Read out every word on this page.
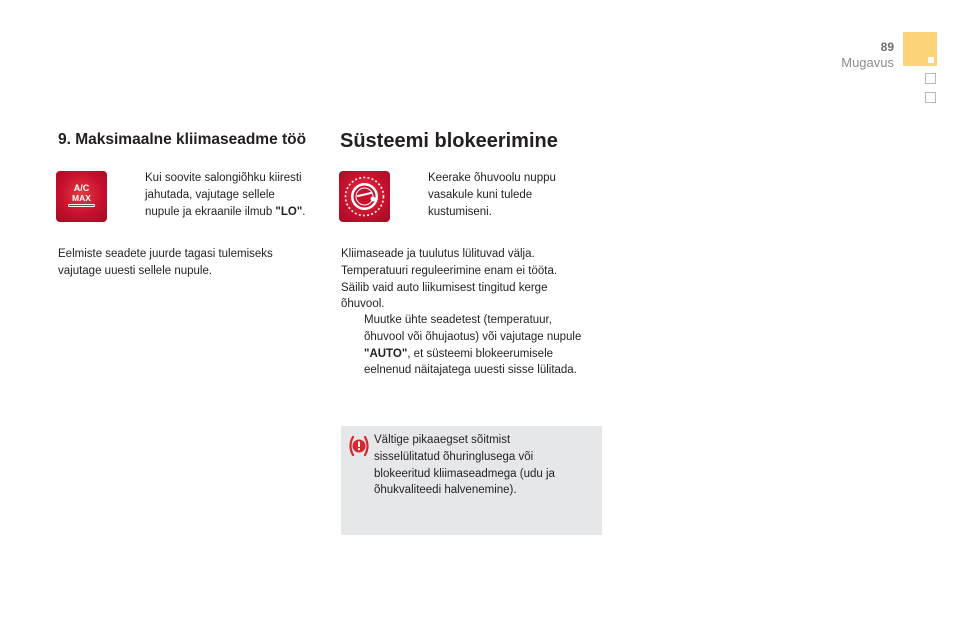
89
Mugavus
9. Maksimaalne kliimaseadme töö
A/C
MAX
Kui soovite salongiõhku kiiresti
jahutada, vajutage sellele
nupule ja ekraanile ilmub "LO".
Eelmiste seadete juurde tagasi tulemiseks
vajutage uuesti sellele nupule.
Süsteemi blokeerimine
Keerake õhuvoolu nuppu
vasakule kuni tulede
kustumiseni.
Kliimaseade ja tuulutus lülituvad välja.
Temperatuuri reguleerimine enam ei tööta.
Säilib vaid auto liikumisest tingitud kerge
õhuvool.
Muutke ühte seadetest (temperatuur,
õhuvool või õhujaotus) või vajutage nupule
"AUTO", et süsteemi blokeerumisele
eelnenud näitajatega uuesti sisse lülitada.
Vältige pikaaegset sõitmist
sisselülitatud õhuringlusega või
blokeeritud kliimaseadmega (udu ja
õhukvaliteedi halvenemine).
